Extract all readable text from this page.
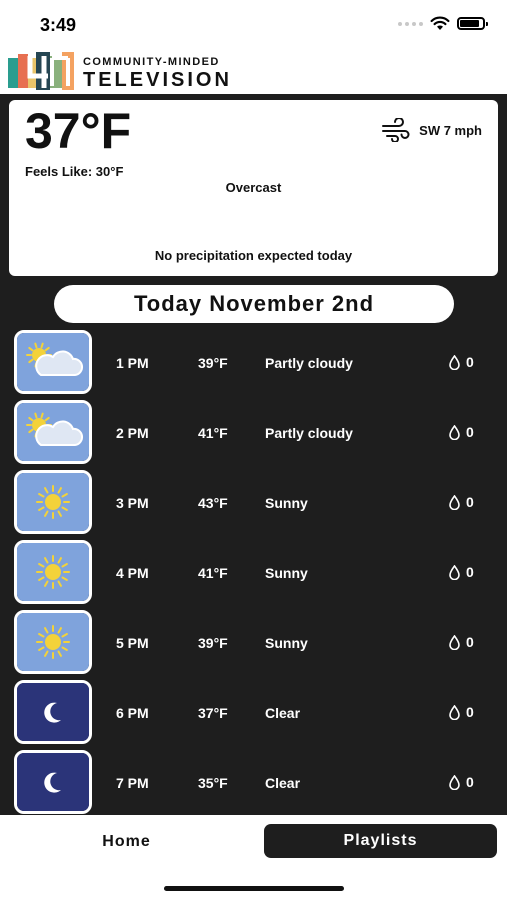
3:49
COMMUNITY-MINDED
TELEVISION
37°F
Feels Like: 30°F
Overcast
SW 7 mph
No precipitation expected today
Today November 2nd
1 PM	39°F	Partly cloudy	0
2 PM	41°F	Partly cloudy	0
3 PM	43°F	Sunny	0
4 PM	41°F	Sunny	0
5 PM	39°F	Sunny	0
6 PM	37°F	Clear	0
7 PM	35°F	Clear	0
Home	Playlists
